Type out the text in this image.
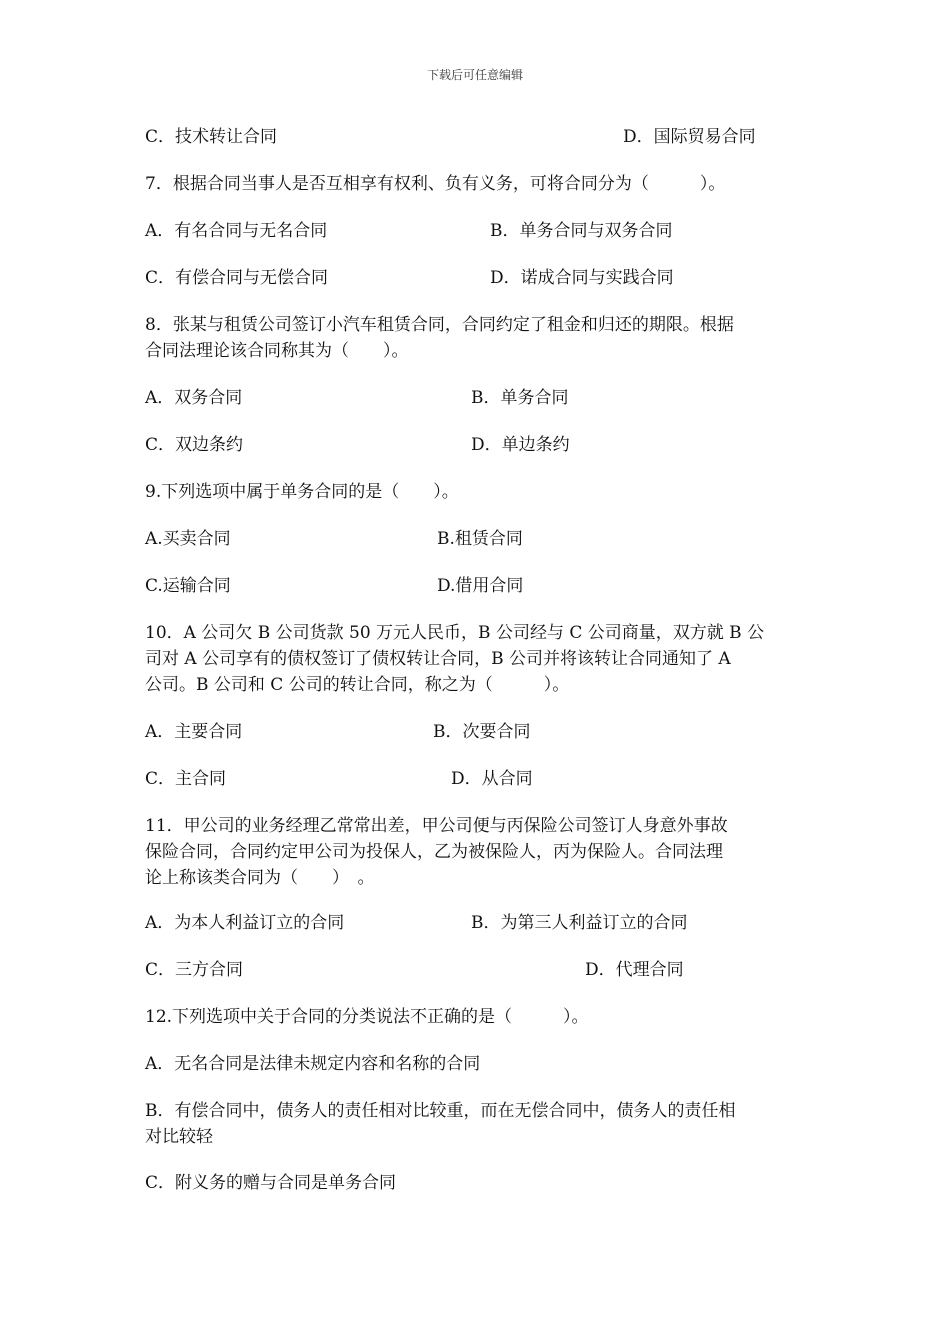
下载后可任意编辑
C．技术转让合同	D．国际贸易合同
7．根据合同当事人是否互相享有权利、负有义务，可将合同分为（　　　）。
A．有名合同与无名合同	B．单务合同与双务合同
C．有偿合同与无偿合同	D．诺成合同与实践合同
8．张某与租赁公司签订小汽车租赁合同，合同约定了租金和归还的期限。根据
合同法理论该合同称其为（　　）。
A．双务合同	B．单务合同
C．双边条约	D．单边条约
9.下列选项中属于单务合同的是（　　）。
A.买卖合同	B.租赁合同
C.运输合同	D.借用合同
10．A 公司欠 B 公司货款 50 万元人民币，B 公司经与 C 公司商量，双方就 B 公
司对 A 公司享有的债权签订了债权转让合同，B 公司并将该转让合同通知了 A
公司。B 公司和 C 公司的转让合同，称之为（　　　）。
A．主要合同	B．次要合同
C．主合同	D．从合同
11．甲公司的业务经理乙常常出差，甲公司便与丙保险公司签订人身意外事故
保险合同，合同约定甲公司为投保人，乙为被保险人，丙为保险人。合同法理
论上称该类合同为（　　）　。
A．为本人利益订立的合同	B．为第三人利益订立的合同
C．三方合同	D．代理合同
12.下列选项中关于合同的分类说法不正确的是（　　　）。
A．无名合同是法律未规定内容和名称的合同
B．有偿合同中，债务人的责任相对比较重，而在无偿合同中，债务人的责任相
对比较轻
C．附义务的赠与合同是单务合同
